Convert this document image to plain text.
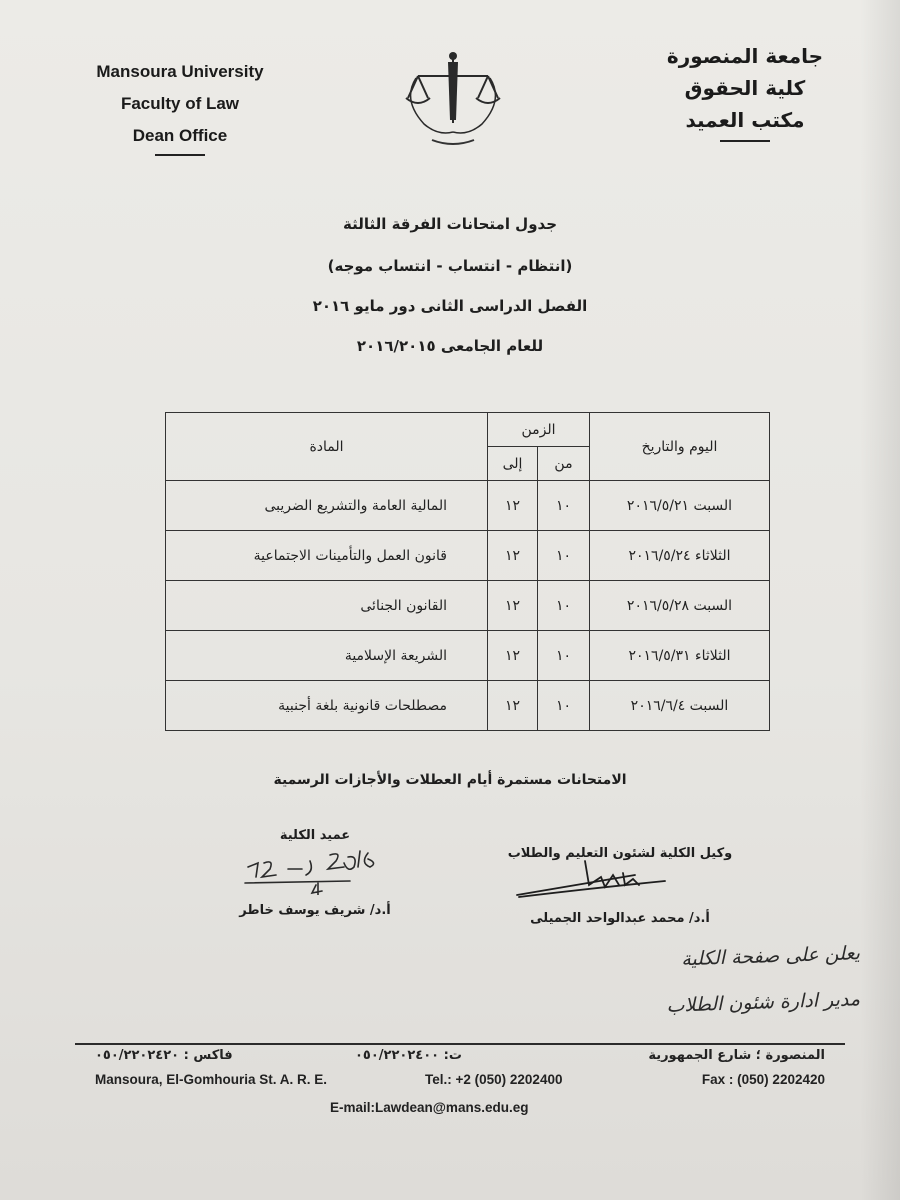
Mansoura University
Faculty of Law
Dean Office
جامعة المنصورة
كلية الحقوق
مكتب العميد
جدول امتحانات الفرقة الثالثة
(انتظام - انتساب - انتساب موجه)
الفصل الدراسى الثانى دور مايو ٢٠١٦
للعام الجامعى ٢٠١٦/٢٠١٥
اليوم والتاريخ	الزمن		المادة
	من	إلى	
السبت ٢٠١٦/٥/٢١	١٠	١٢	المالية العامة والتشريع الضريبى
الثلاثاء ٢٠١٦/٥/٢٤	١٠	١٢	قانون العمل والتأمينات الاجتماعية
السبت ٢٠١٦/٥/٢٨	١٠	١٢	القانون الجنائى
الثلاثاء ٢٠١٦/٥/٣١	١٠	١٢	الشريعة الإسلامية
السبت ٢٠١٦/٦/٤	١٠	١٢	مصطلحات قانونية بلغة أجنبية
الامتحانات مستمرة أيام العطلات والأجازات الرسمية
عميد الكلية
أ.د/ شريف يوسف خاطر
وكيل الكلية لشئون التعليم والطلاب
أ.د/ محمد عبدالواحد الجميلى
يعلن على صفحة الكلية
مدير ادارة شئون الطلاب
فاكس : ٠٥٠/٢٢٠٢٤٢٠	ت: ٠٥٠/٢٢٠٢٤٠٠	المنصورة ؛ شارع الجمهورية
Mansoura, El-Gomhouria St. A. R. E.	Tel.: +2 (050) 2202400	Fax : (050) 2202420
E-mail:Lawdean@mans.edu.eg
